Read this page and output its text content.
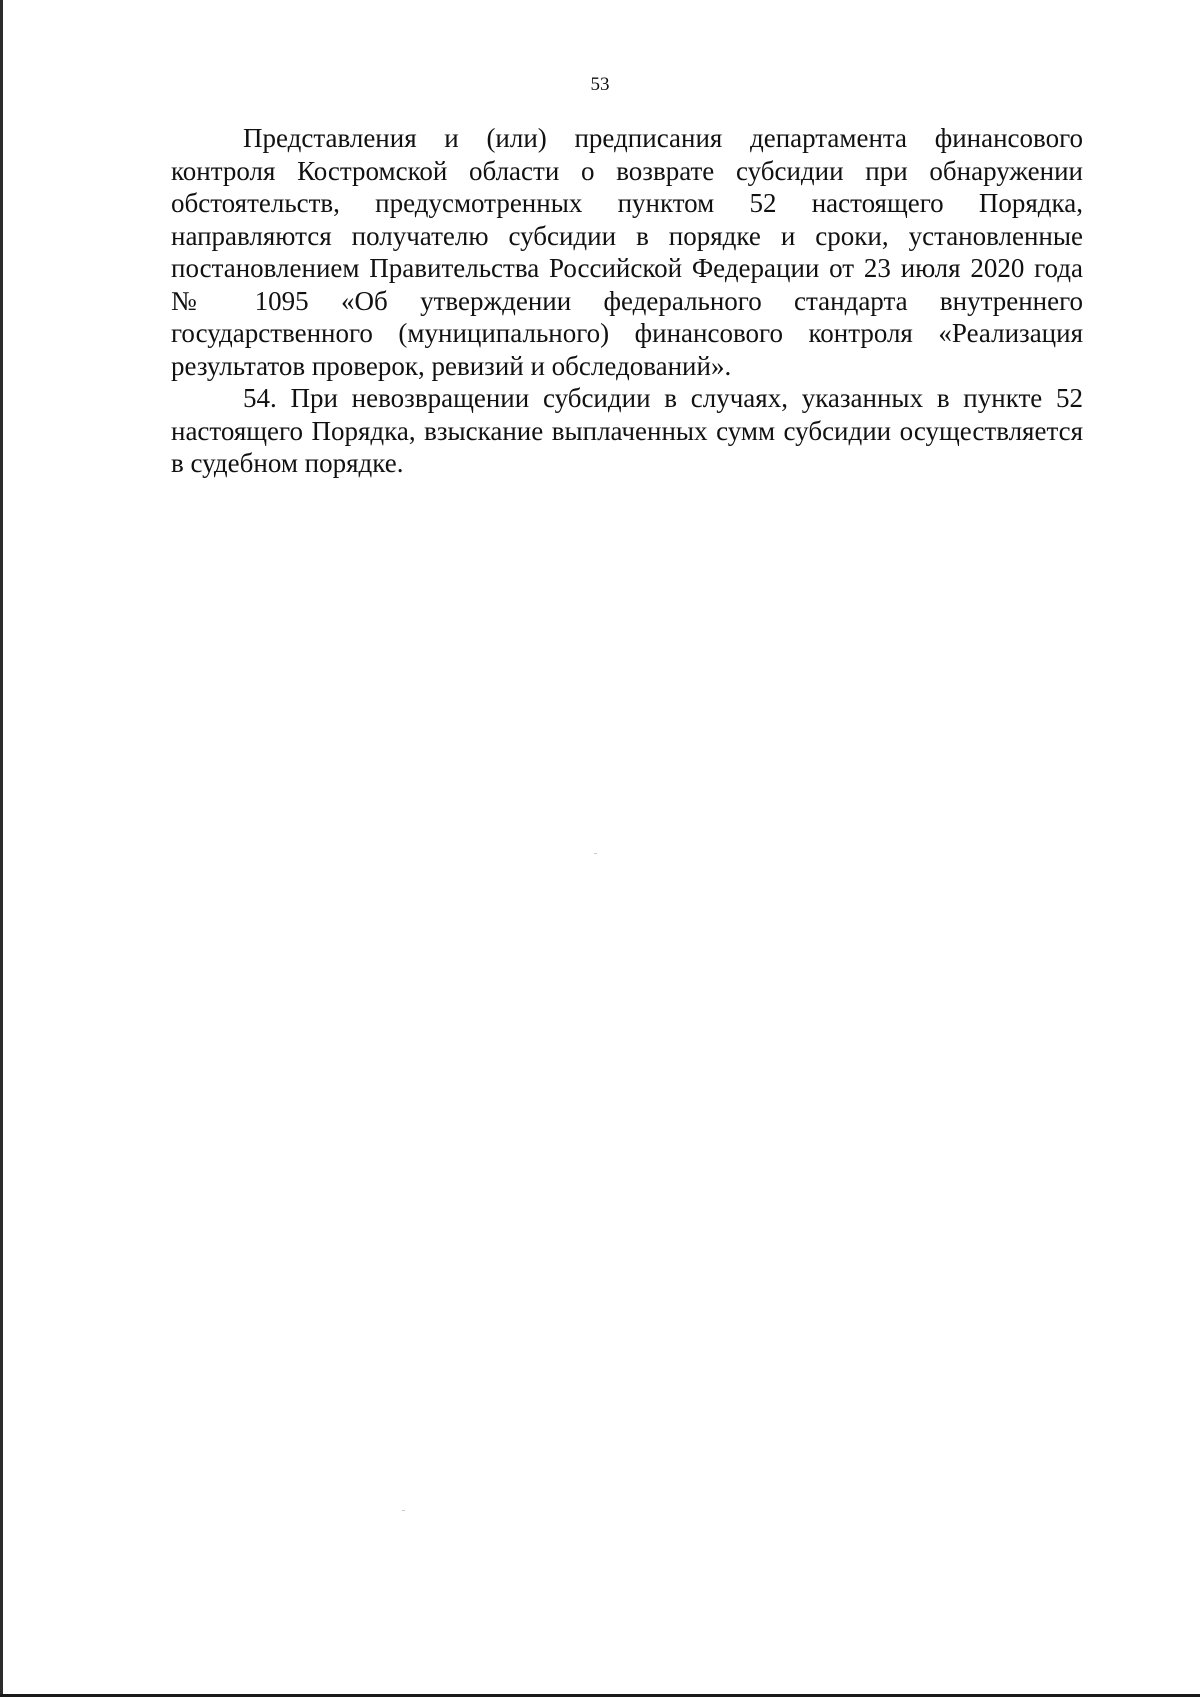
53

Представления и (или) предписания департамента финансового контроля Костромской области о возврате субсидии при обнаружении обстоятельств, предусмотренных пунктом 52 настоящего Порядка, направляются получателю субсидии в порядке и сроки, установленные постановлением Правительства Российской Федерации от 23 июля 2020 года № 1095 «Об утверждении федерального стандарта внутреннего государственного (муниципального) финансового контроля «Реализация результатов проверок, ревизий и обследований».

54. При невозвращении субсидии в случаях, указанных в пункте 52 настоящего Порядка, взыскание выплаченных сумм субсидии осуществляется в судебном порядке.
